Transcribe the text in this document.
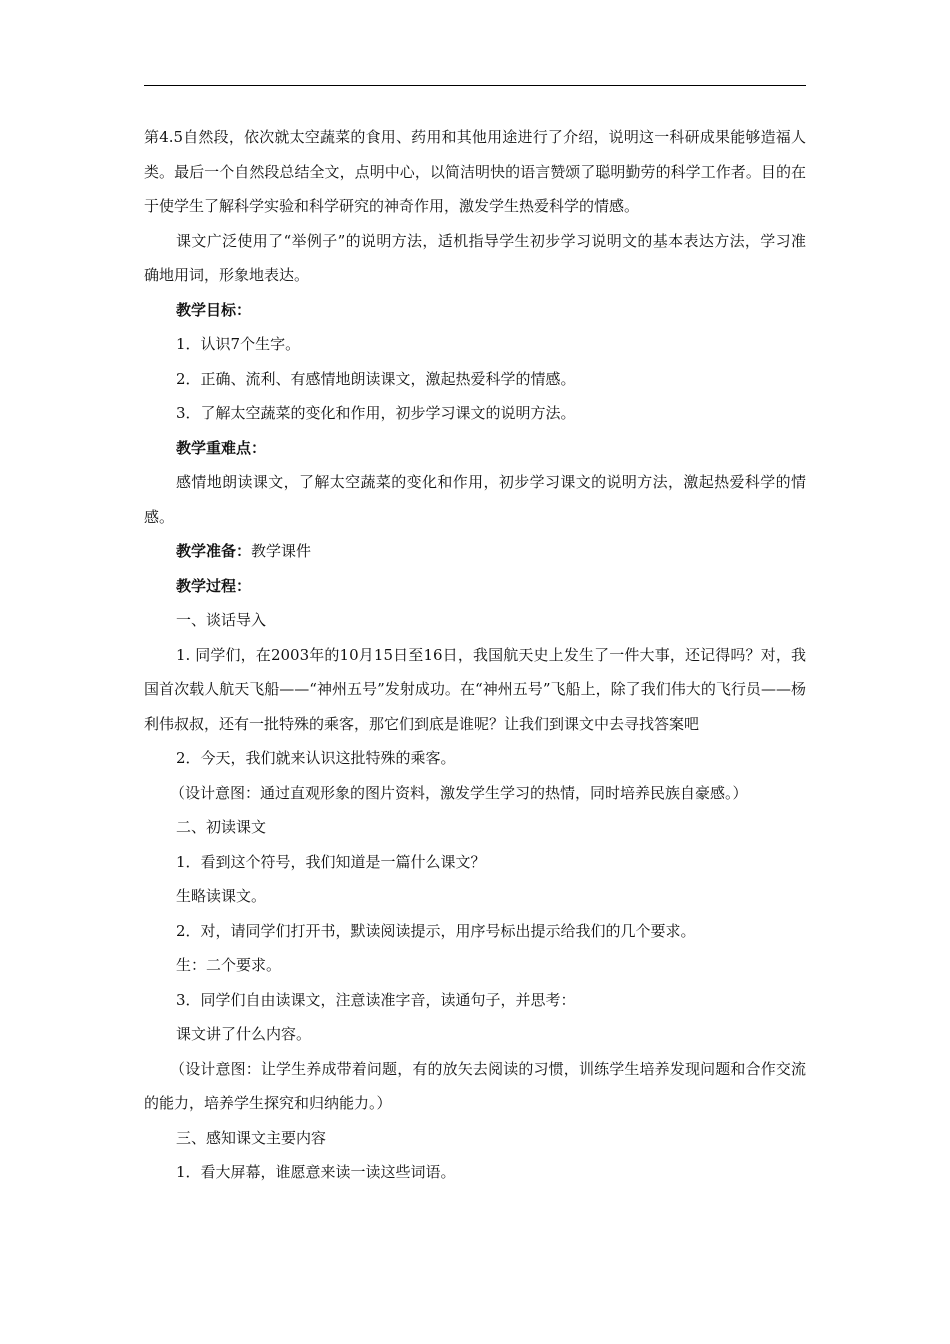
第4.5自然段，依次就太空蔬菜的食用、药用和其他用途进行了介绍，说明这一科研成果能够造福人类。最后一个自然段总结全文，点明中心，以简洁明快的语言赞颂了聪明勤劳的科学工作者。目的在于使学生了解科学实验和科学研究的神奇作用，激发学生热爱科学的情感。

课文广泛使用了“举例子”的说明方法，适机指导学生初步学习说明文的基本表达方法，学习准确地用词，形象地表达。

教学目标：

1．认识7个生字。

2．正确、流利、有感情地朗读课文，激起热爱科学的情感。

3．了解太空蔬菜的变化和作用，初步学习课文的说明方法。

教学重难点：

感情地朗读课文，了解太空蔬菜的变化和作用，初步学习课文的说明方法，激起热爱科学的情感。

教学准备：教学课件

教学过程：

一、谈话导入

1. 同学们，在2003年的10月15日至16日，我国航天史上发生了一件大事，还记得吗？对，我国首次载人航天飞船——“神州五号”发射成功。在“神州五号”飞船上，除了我们伟大的飞行员——杨利伟叔叔，还有一批特殊的乘客，那它们到底是谁呢？让我们到课文中去寻找答案吧

2．今天，我们就来认识这批特殊的乘客。

（设计意图：通过直观形象的图片资料，激发学生学习的热情，同时培养民族自豪感。）

二、初读课文

1．看到这个符号，我们知道是一篇什么课文？

生略读课文。

2．对，请同学们打开书，默读阅读提示，用序号标出提示给我们的几个要求。

生：二个要求。

3．同学们自由读课文，注意读准字音，读通句子，并思考：

课文讲了什么内容。

（设计意图：让学生养成带着问题，有的放矢去阅读的习惯，训练学生培养发现问题和合作交流的能力，培养学生探究和归纳能力。）

三、感知课文主要内容

1．看大屏幕，谁愿意来读一读这些词语。
